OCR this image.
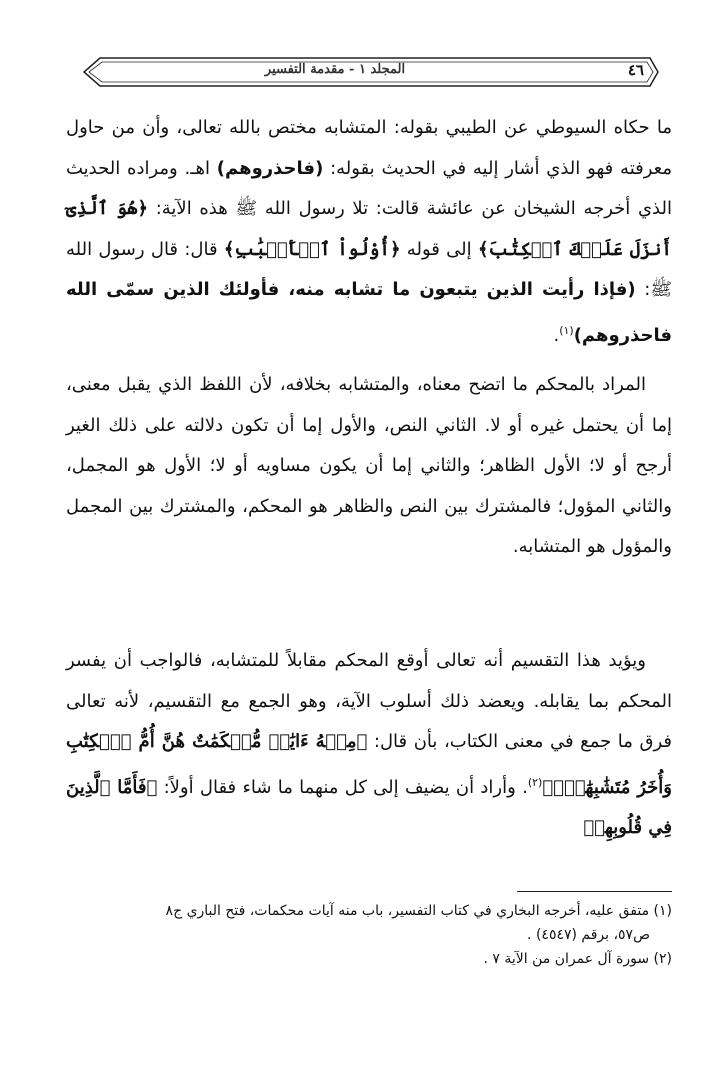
٤٦
المجلد ١ - مقدمة التفسير

ما حكاه السيوطي عن الطيبي بقوله: المتشابه مختص بالله تعالى، وأن من حاول معرفته فهو الذي أشار إليه في الحديث بقوله: (فاحذروهم) اهـ. ومراده الحديث الذي أخرجه الشيخان عن عائشة قالت: تلا رسول الله ﷺ هذه الآية: ﴿هُوَ ٱلَّذِىٓ أَنزَلَ عَلَيۡكَ ٱلۡكِتَٰبَ﴾ إلى قوله ﴿أُوْلُواْ ٱلۡأَلۡبَٰبِ﴾ قال: قال رسول الله ﷺ: (فإذا رأيت الذين يتبعون ما تشابه منه، فأولئك الذين سمّى الله فاحذروهم)$^{(١)}$.

المراد بالمحكم ما اتضح معناه، والمتشابه بخلافه، لأن اللفظ الذي يقبل معنى، إما أن يحتمل غيره أو لا. الثاني النص، والأول إما أن تكون دلالته على ذلك الغير أرجح أو لا؛ الأول الظاهر؛ والثاني إما أن يكون مساويه أو لا؛ الأول هو المجمل، والثاني المؤول؛ فالمشترك بين النص والظاهر هو المحكم، والمشترك بين المجمل والمؤول هو المتشابه.

ويؤيد هذا التقسيم أنه تعالى أوقع المحكم مقابلاً للمتشابه، فالواجب أن يفسر المحكم بما يقابله. ويعضد ذلك أسلوب الآية، وهو الجمع مع التقسيم، لأنه تعالى فرق ما جمع في معنى الكتاب، بأن قال: ﴿مِنۡهُ ءَايَٰتٞ مُّحۡكَمَٰتٌ هُنَّ أُمُّ ٱلۡكِتَٰبِ وَأُخَرُ مُتَشَٰبِهَٰتٞۖ﴾$^{(٢)}$. وأراد أن يضيف إلى كل منهما ما شاء فقال أولاً: ﴿فَأَمَّا ٱلَّذِينَ فِي قُلُوبِهِمۡ

(١) متفق عليه، أخرجه البخاري في كتاب التفسير، باب منه آيات محكمات، فتح الباري ج٨

ص٥٧، برقم (٤٥٤٧) .

(٢) سورة آل عمران من الآية ٧ .
